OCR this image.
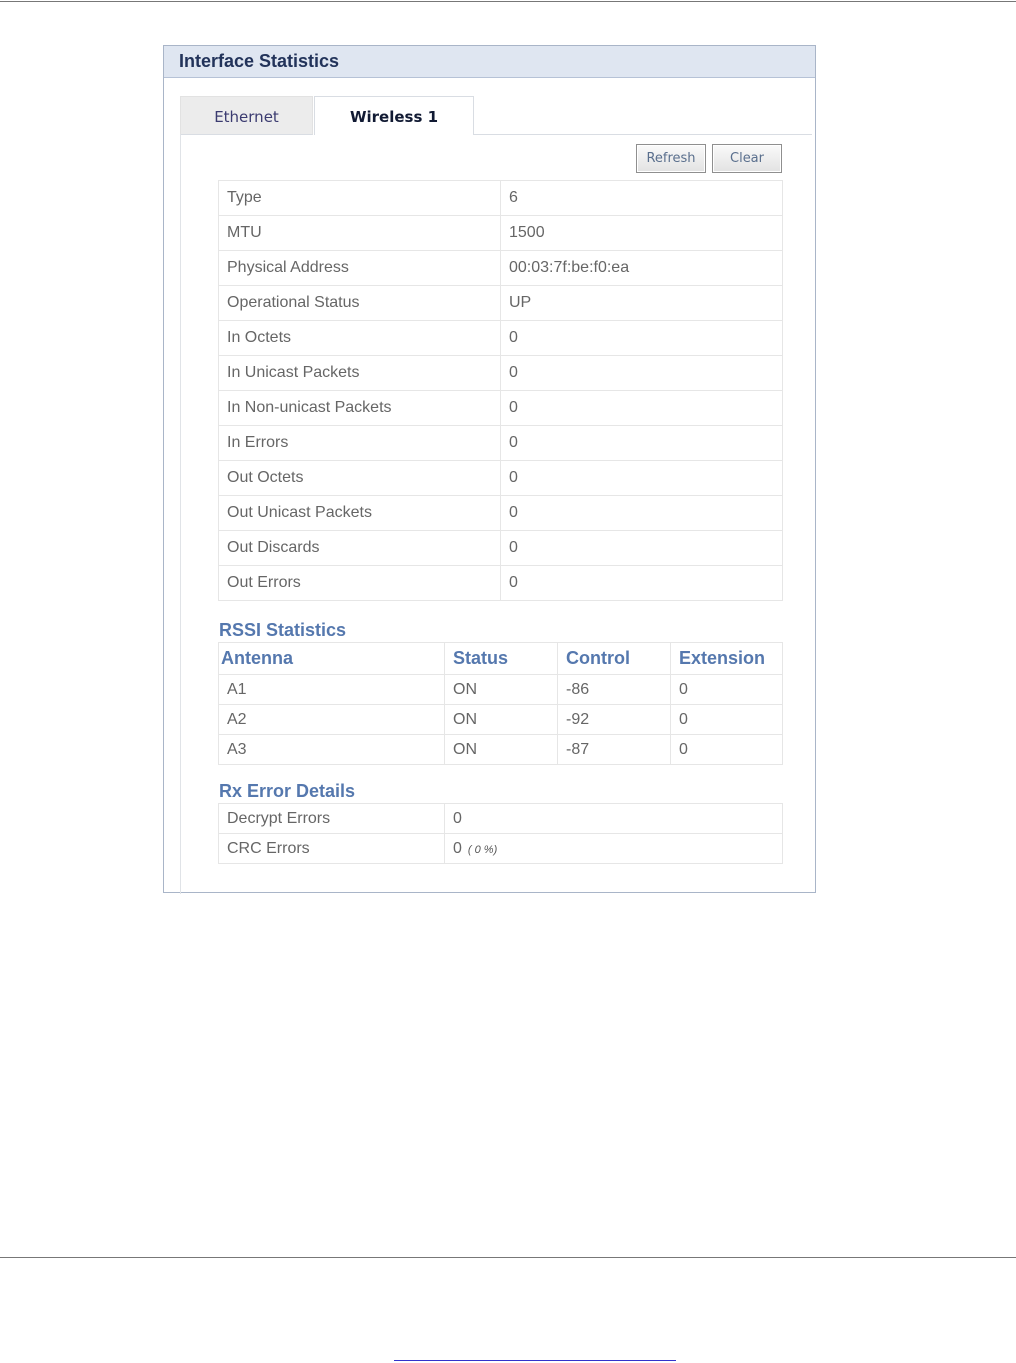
Interface Statistics
Ethernet	Wireless 1
Refresh	Clear
Type	6
MTU	1500
Physical Address	00:03:7f:be:f0:ea
Operational Status	UP
In Octets	0
In Unicast Packets	0
In Non-unicast Packets	0
In Errors	0
Out Octets	0
Out Unicast Packets	0
Out Discards	0
Out Errors	0
RSSI Statistics
Antenna	Status	Control	Extension
A1	ON	-86	0
A2	ON	-92	0
A3	ON	-87	0
Rx Error Details
Decrypt Errors	0
CRC Errors	0 ( 0 %)
